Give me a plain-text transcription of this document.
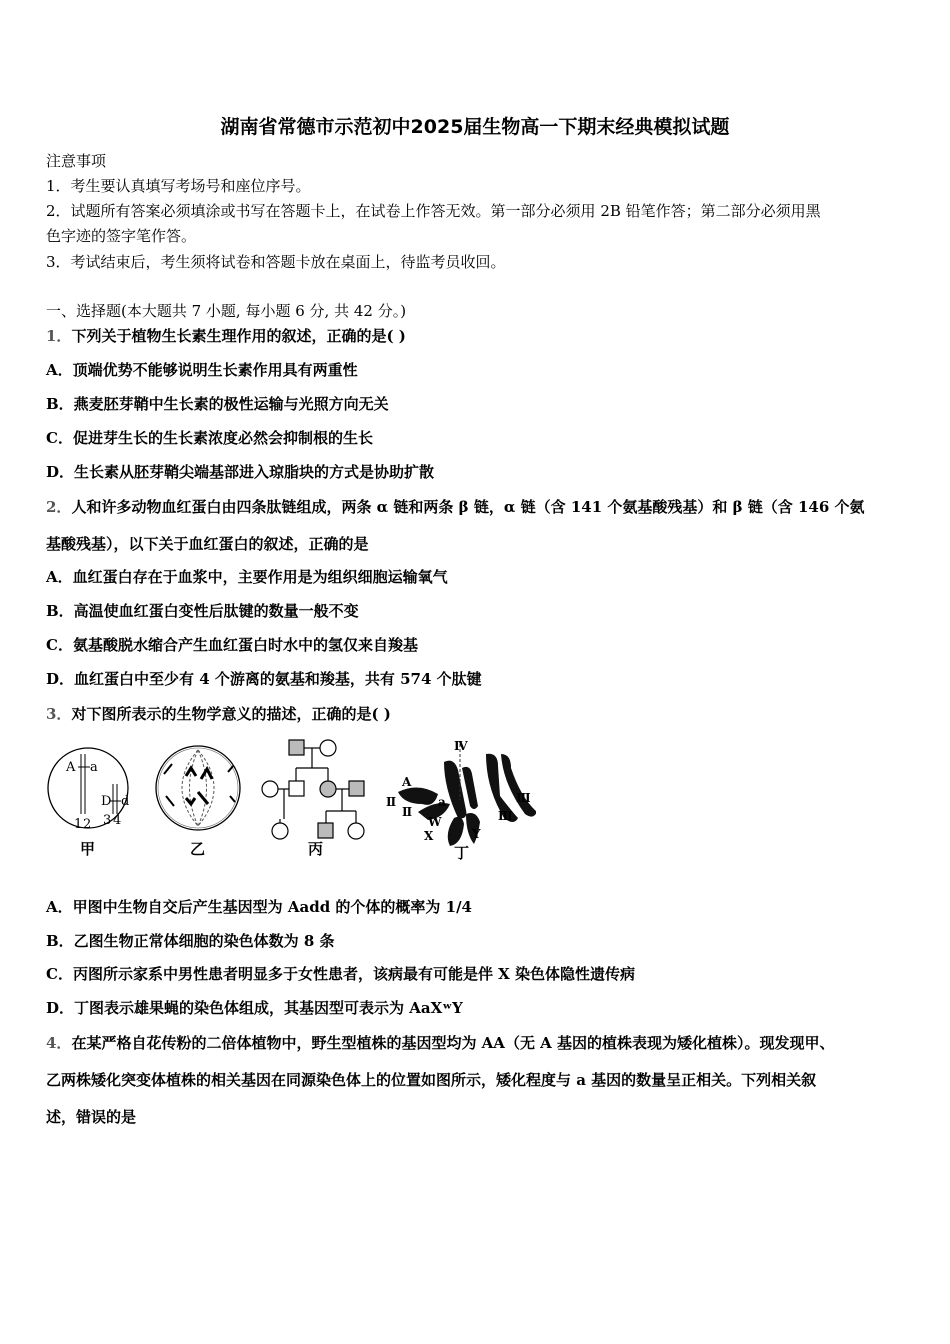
湖南省常德市示范初中2025届生物高一下期末经典模拟试题
注意事项
1．考生要认真填写考场号和座位序号。
2．试题所有答案必须填涂或书写在答题卡上，在试卷上作答无效。第一部分必须用 2B 铅笔作答；第二部分必须用黑
色字迹的签字笔作答。
3．考试结束后，考生须将试卷和答题卡放在桌面上，待监考员收回。
一、选择题(本大题共 7 小题, 每小题 6 分, 共 42 分。)
1．下列关于植物生长素生理作用的叙述，正确的是( )
A．顶端优势不能够说明生长素作用具有两重性
B．燕麦胚芽鞘中生长素的极性运输与光照方向无关
C．促进芽生长的生长素浓度必然会抑制根的生长
D．生长素从胚芽鞘尖端基部进入琼脂块的方式是协助扩散
2．人和许多动物血红蛋白由四条肽链组成，两条 α 链和两条 β 链，α 链（含 141 个氨基酸残基）和 β 链（含 146 个氨
基酸残基），以下关于血红蛋白的叙述，正确的是
A．血红蛋白存在于血浆中，主要作用是为组织细胞运输氧气
B．高温使血红蛋白变性后肽键的数量一般不变
C．氨基酸脱水缩合产生血红蛋白时水中的氢仅来自羧基
D．血红蛋白中至少有 4 个游离的氨基和羧基，共有 574 个肽键
3．对下图所表示的生物学意义的描述，正确的是( )
A a
1 2
D d
3 4
甲	乙	丙
Ⅳ
A
Ⅱ
Ⅱ
a
W
X	Y
Ⅲ
Ⅲ
丁
A．甲图中生物自交后产生基因型为 Aadd 的个体的概率为 1/4
B．乙图生物正常体细胞的染色体数为 8 条
C．丙图所示家系中男性患者明显多于女性患者，该病最有可能是伴 X 染色体隐性遗传病
D．丁图表示雄果蝇的染色体组成，其基因型可表示为 AaXʷY
4．在某严格自花传粉的二倍体植物中，野生型植株的基因型均为 AA（无 A 基因的植株表现为矮化植株）。现发现甲、
乙两株矮化突变体植株的相关基因在同源染色体上的位置如图所示，矮化程度与 a 基因的数量呈正相关。下列相关叙
述，错误的是
